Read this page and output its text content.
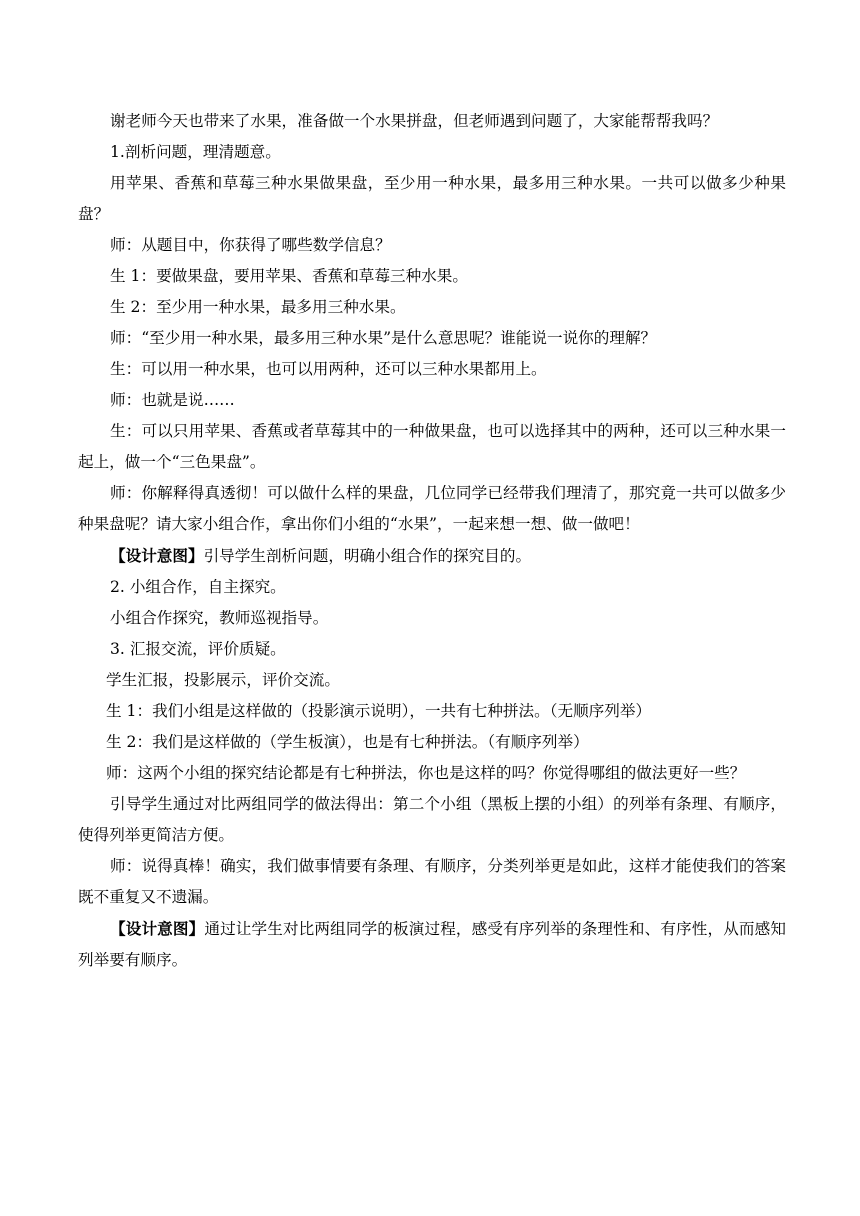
谢老师今天也带来了水果，准备做一个水果拼盘，但老师遇到问题了，大家能帮帮我吗？

1.剖析问题，理清题意。

用苹果、香蕉和草莓三种水果做果盘，至少用一种水果，最多用三种水果。一共可以做多少种果盘？

师：从题目中，你获得了哪些数学信息？

生 1：要做果盘，要用苹果、香蕉和草莓三种水果。

生 2：至少用一种水果，最多用三种水果。

师：“至少用一种水果，最多用三种水果”是什么意思呢？谁能说一说你的理解？

生：可以用一种水果，也可以用两种，还可以三种水果都用上。

师：也就是说……

生：可以只用苹果、香蕉或者草莓其中的一种做果盘，也可以选择其中的两种，还可以三种水果一起上，做一个“三色果盘”。

师：你解释得真透彻！可以做什么样的果盘，几位同学已经带我们理清了，那究竟一共可以做多少种果盘呢？请大家小组合作，拿出你们小组的“水果”，一起来想一想、做一做吧！

【设计意图】引导学生剖析问题，明确小组合作的探究目的。

2. 小组合作，自主探究。

小组合作探究，教师巡视指导。

3. 汇报交流，评价质疑。

学生汇报，投影展示，评价交流。

生 1：我们小组是这样做的（投影演示说明），一共有七种拼法。（无顺序列举）

生 2：我们是这样做的（学生板演），也是有七种拼法。（有顺序列举）

师：这两个小组的探究结论都是有七种拼法，你也是这样的吗？你觉得哪组的做法更好一些？

引导学生通过对比两组同学的做法得出：第二个小组（黑板上摆的小组）的列举有条理、有顺序，使得列举更简洁方便。

师：说得真棒！确实，我们做事情要有条理、有顺序，分类列举更是如此，这样才能使我们的答案既不重复又不遗漏。

【设计意图】通过让学生对比两组同学的板演过程，感受有序列举的条理性和、有序性，从而感知列举要有顺序。
